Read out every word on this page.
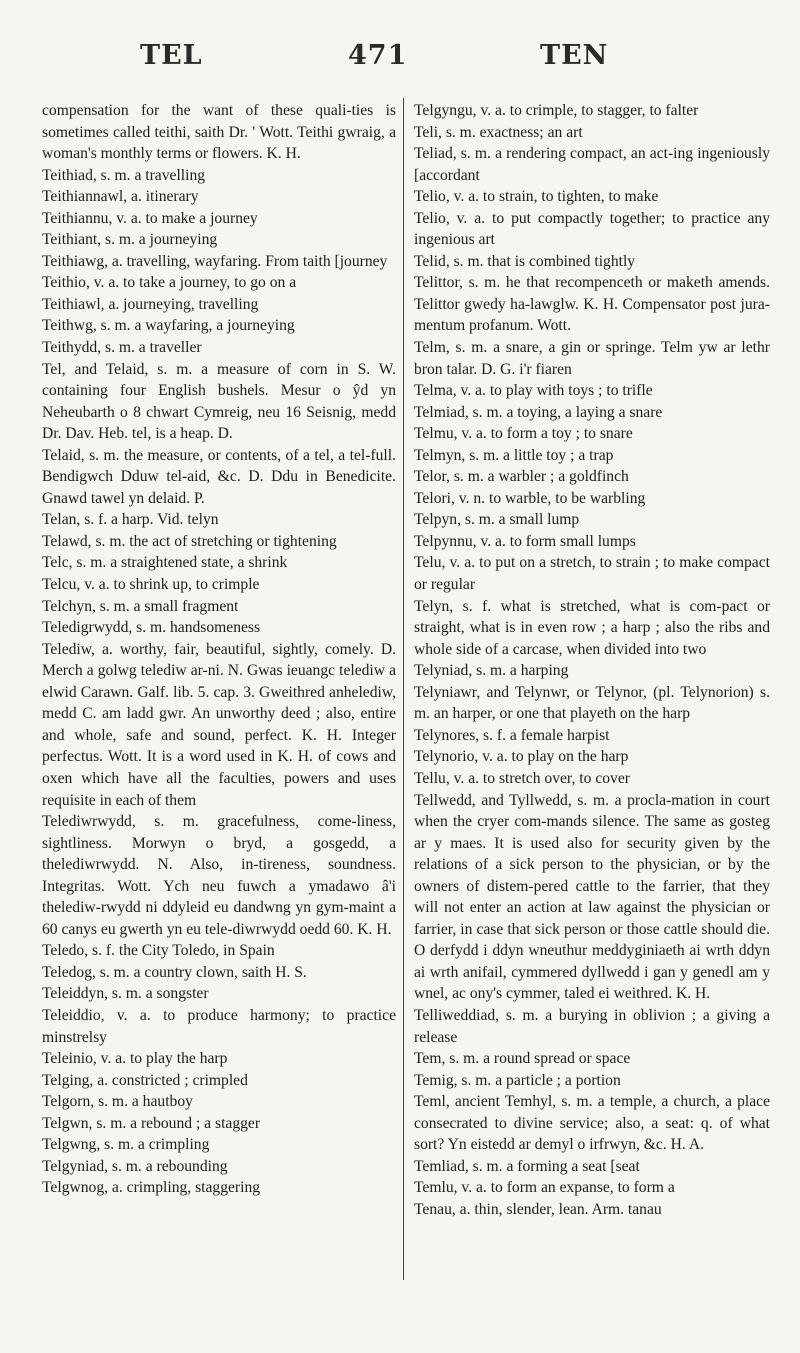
TEL	471	TEN

compensation for the want of these quali-ties is sometimes called teithi, saith Dr. ' Wott. Teithi gwraig, a woman's monthly terms or flowers. K. H.

Teithiad, s. m. a travelling

Teithiannawl, a. itinerary

Teithiannu, v. a. to make a journey

Teithiant, s. m. a journeying

Teithiawg, a. travelling, wayfaring. From taith [journey

Teithio, v. a. to take a journey, to go on a

Teithiawl, a. journeying, travelling

Teithwg, s. m. a wayfaring, a journeying

Teithydd, s. m. a traveller

Tel, and Telaid, s. m. a measure of corn in S. W. containing four English bushels. Mesur o ŷd yn Neheubarth o 8 chwart Cymreig, neu 16 Seisnig, medd Dr. Dav. Heb. tel, is a heap. D.

Telaid, s. m. the measure, or contents, of a tel, a tel-full. Bendigwch Dduw tel-aid, &c. D. Ddu in Benedicite. Gnawd tawel yn delaid. P.

Telan, s. f. a harp. Vid. telyn

Telawd, s. m. the act of stretching or tightening

Telc, s. m. a straightened state, a shrink

Telcu, v. a. to shrink up, to crimple

Telchyn, s. m. a small fragment

Teledigrwydd, s. m. handsomeness

Telediw, a. worthy, fair, beautiful, sightly, comely. D. Merch a golwg telediw ar-ni. N. Gwas ieuangc telediw a elwid Carawn. Galf. lib. 5. cap. 3. Gweithred anhelediw, medd C. am ladd gwr. An unworthy deed ; also, entire and whole, safe and sound, perfect. K. H. Integer perfectus. Wott. It is a word used in K. H. of cows and oxen which have all the faculties, powers and uses requisite in each of them

Telediwrwydd, s. m. gracefulness, come-liness, sightliness. Morwyn o bryd, a gosgedd, a thelediwrwydd. N. Also, in-tireness, soundness. Integritas. Wott. Ych neu fuwch a ymadawo â'i thelediw-rwydd ni ddyleid eu dandwng yn gym-maint a 60 canys eu gwerth yn eu tele-diwrwydd oedd 60. K. H.

Teledo, s. f. the City Toledo, in Spain

Teledog, s. m. a country clown, saith H. S.

Teleiddyn, s. m. a songster

Teleiddio, v. a. to produce harmony; to practice minstrelsy

Teleinio, v. a. to play the harp

Telging, a. constricted ; crimpled

Telgorn, s. m. a hautboy

Telgwn, s. m. a rebound ; a stagger

Telgwng, s. m. a crimpling

Telgyniad, s. m. a rebounding

Telgwnog, a. crimpling, staggering

Telgyngu, v. a. to crimple, to stagger, to falter

Teli, s. m. exactness; an art

Teliad, s. m. a rendering compact, an act-ing ingeniously [accordant

Telio, v. a. to strain, to tighten, to make

Telio, v. a. to put compactly together; to practice any ingenious art

Telid, s. m. that is combined tightly

Telittor, s. m. he that recompenceth or maketh amends. Telittor gwedy ha-lawglw. K. H. Compensator post jura-mentum profanum. Wott.

Telm, s. m. a snare, a gin or springe. Telm yw ar lethr bron talar. D. G. i'r fiaren

Telma, v. a. to play with toys ; to trifle

Telmiad, s. m. a toying, a laying a snare

Telmu, v. a. to form a toy ; to snare

Telmyn, s. m. a little toy ; a trap

Telor, s. m. a warbler ; a goldfinch

Telori, v. n. to warble, to be warbling

Telpyn, s. m. a small lump

Telpynnu, v. a. to form small lumps

Telu, v. a. to put on a stretch, to strain ; to make compact or regular

Telyn, s. f. what is stretched, what is com-pact or straight, what is in even row ; a harp ; also the ribs and whole side of a carcase, when divided into two

Telyniad, s. m. a harping

Telyniawr, and Telynwr, or Telynor, (pl. Telynorion) s. m. an harper, or one that playeth on the harp

Telynores, s. f. a female harpist

Telynorio, v. a. to play on the harp

Tellu, v. a. to stretch over, to cover

Tellwedd, and Tyllwedd, s. m. a procla-mation in court when the cryer com-mands silence. The same as gosteg ar y maes. It is used also for security given by the relations of a sick person to the physician, or by the owners of distem-pered cattle to the farrier, that they will not enter an action at law against the physician or farrier, in case that sick person or those cattle should die. O derfydd i ddyn wneuthur meddyginiaeth ai wrth ddyn ai wrth anifail, cymmered dyllwedd i gan y genedl am y wnel, ac ony's cymmer, taled ei weithred. K. H.

Telliweddiad, s. m. a burying in oblivion ; a giving a release

Tem, s. m. a round spread or space

Temig, s. m. a particle ; a portion

Teml, ancient Temhyl, s. m. a temple, a church, a place consecrated to divine service; also, a seat: q. of what sort? Yn eistedd ar demyl o irfrwyn, &c. H. A.

Temliad, s. m. a forming a seat [seat

Temlu, v. a. to form an expanse, to form a

Tenau, a. thin, slender, lean. Arm. tanau
